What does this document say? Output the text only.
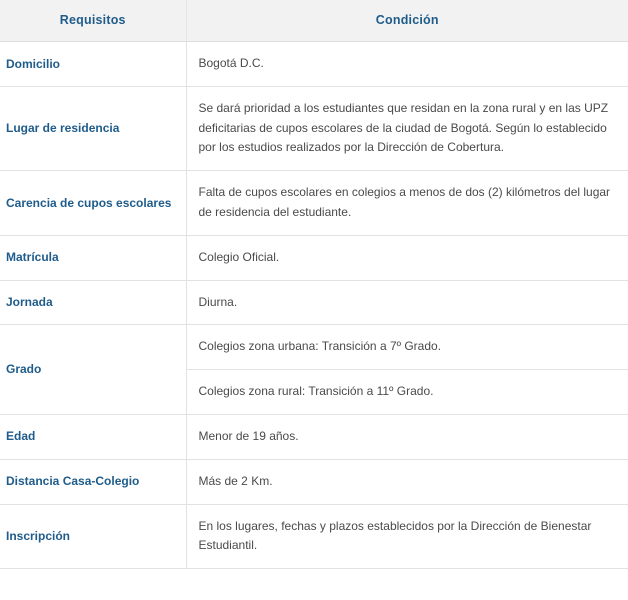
Requisitos	Condición
Domicilio	Bogotá D.C.
Lugar de residencia	Se dará prioridad a los estudiantes que residan en la zona rural y en las UPZ deficitarias de cupos escolares de la ciudad de Bogotá. Según lo establecido por los estudios realizados por la Dirección de Cobertura.
Carencia de cupos escolares	Falta de cupos escolares en colegios a menos de dos (2) kilómetros del lugar de residencia del estudiante.
Matrícula	Colegio Oficial.
Jornada	Diurna.
Grado	Colegios zona urbana: Transición a 7º Grado.
	Colegios zona rural: Transición a 11º Grado.
Edad	Menor de 19 años.
Distancia Casa-Colegio	Más de 2 Km.
Inscripción	En los lugares, fechas y plazos establecidos por la Dirección de Bienestar Estudiantil.
